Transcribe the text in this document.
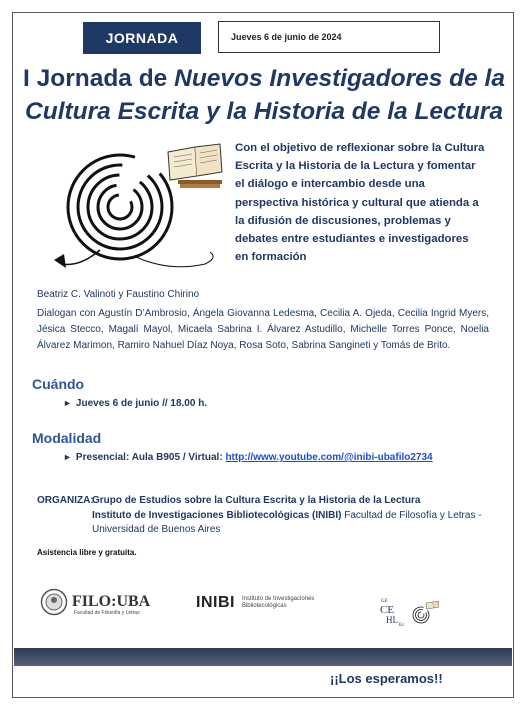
JORNADA	Jueves 6 de junio de 2024
I Jornada de Nuevos Investigadores de la
Cultura Escrita y la Historia de la Lectura
Con el objetivo de reflexionar sobre la Cultura Escrita y la Historia de la Lectura y fomentar el diálogo e intercambio desde una perspectiva histórica y cultural que atienda a la difusión de discusiones, problemas y debates entre estudiantes e investigadores en formación
Beatriz C. Valinoti y Faustino Chirino
Dialogan con Agustín D’Ambrosio, Ángela Giovanna Ledesma, Cecilia A. Ojeda, Cecilia Ingrid Myers, Jésica Stecco, Magalí Mayol, Micaela Sabrina I. Álvarez Astudillo, Michelle Torres Ponce, Noelia Álvarez Marimon, Ramiro Nahuel Díaz Noya, Rosa Soto, Sabrina Sangineti y Tomás de Brito.
Cuándo
► Jueves 6 de junio // 18.00 h.
Modalidad
► Presencial: Aula B905 / Virtual: http://www.youtube.com/@inibi-ubafilo2734
ORGANIZA:
Grupo de Estudios sobre la Cultura Escrita y la Historia de la Lectura
Instituto de Investigaciones Bibliotecológicas (INIBI) Facultad de Filosofía y Letras - Universidad de Buenos Aires
Asistencia libre y gratuita.
FILO:UBA
Facultad de Filosofía y Letras
INIBI Instituto de Investigaciones Bibliotecológicas
GE
CE
HL
Ec
¡¡Los esperamos!!
